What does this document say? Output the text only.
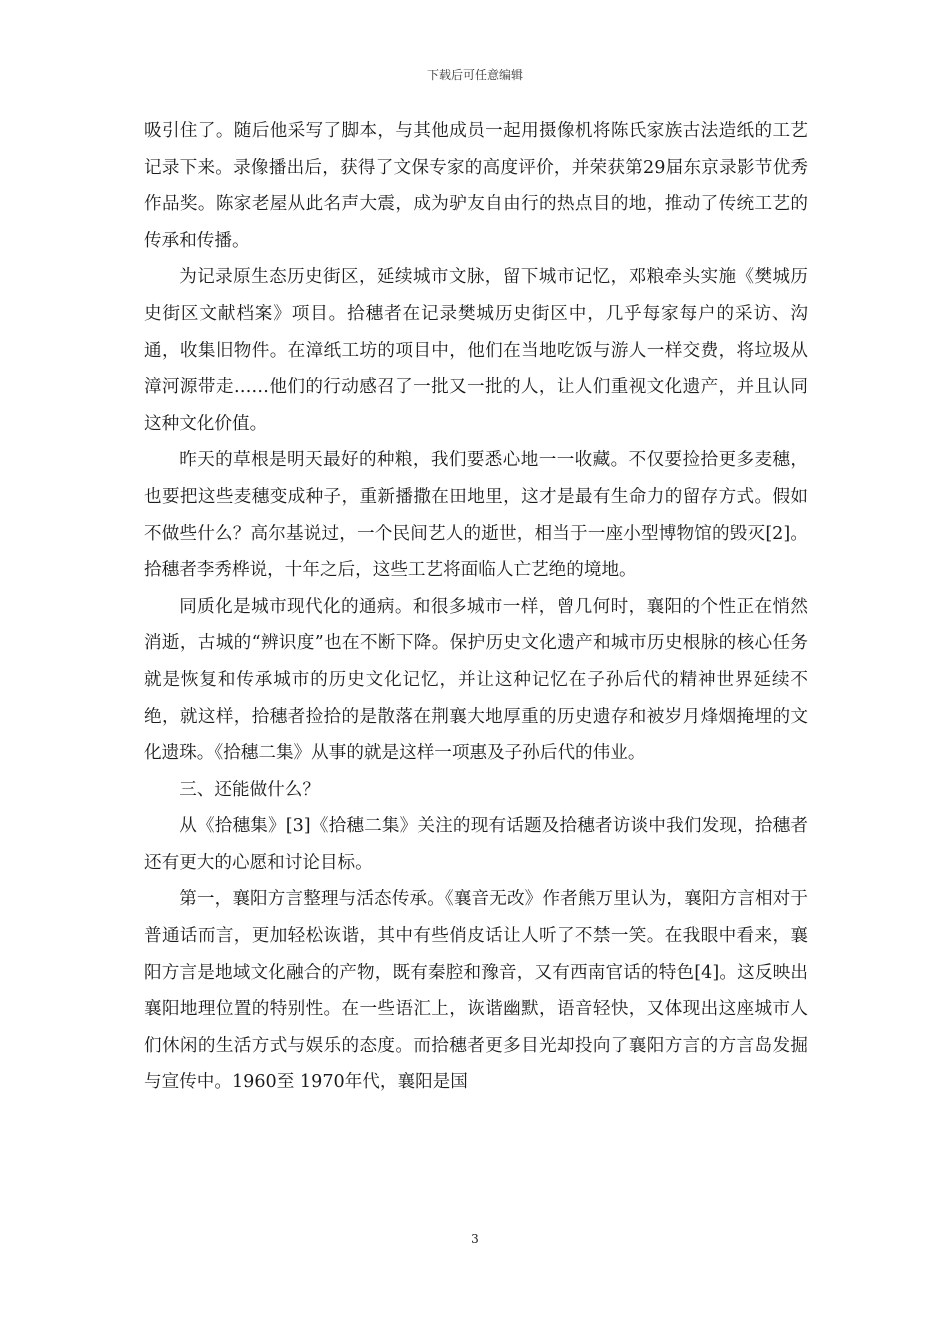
下载后可任意编辑

吸引住了。随后他采写了脚本，与其他成员一起用摄像机将陈氏家族古法造纸的工艺记录下来。录像播出后，获得了文保专家的高度评价，并荣获第29届东京录影节优秀作品奖。陈家老屋从此名声大震，成为驴友自由行的热点目的地，推动了传统工艺的传承和传播。

为记录原生态历史街区，延续城市文脉，留下城市记忆，邓粮牵头实施《樊城历史街区文献档案》项目。拾穗者在记录樊城历史街区中，几乎每家每户的采访、沟通，收集旧物件。在漳纸工坊的项目中，他们在当地吃饭与游人一样交费，将垃圾从漳河源带走……他们的行动感召了一批又一批的人，让人们重视文化遗产，并且认同这种文化价值。

昨天的草根是明天最好的种粮，我们要悉心地一一收藏。不仅要捡拾更多麦穗，也要把这些麦穗变成种子，重新播撒在田地里，这才是最有生命力的留存方式。假如不做些什么？高尔基说过，一个民间艺人的逝世，相当于一座小型博物馆的毁灭[2]。拾穗者李秀桦说，十年之后，这些工艺将面临人亡艺绝的境地。

同质化是城市现代化的通病。和很多城市一样，曾几何时，襄阳的个性正在悄然消逝，古城的“辨识度”也在不断下降。保护历史文化遗产和城市历史根脉的核心任务就是恢复和传承城市的历史文化记忆，并让这种记忆在子孙后代的精神世界延续不绝，就这样，拾穗者捡拾的是散落在荆襄大地厚重的历史遗存和被岁月烽烟掩埋的文化遗珠。《拾穗二集》从事的就是这样一项惠及子孙后代的伟业。

三、还能做什么？

从《拾穗集》[3]《拾穗二集》关注的现有话题及拾穗者访谈中我们发现，拾穗者还有更大的心愿和讨论目标。

第一，襄阳方言整理与活态传承。《襄音无改》作者熊万里认为，襄阳方言相对于普通话而言，更加轻松诙谐，其中有些俏皮话让人听了不禁一笑。在我眼中看来，襄阳方言是地域文化融合的产物，既有秦腔和豫音，又有西南官话的特色[4]。这反映出襄阳地理位置的特别性。在一些语汇上，诙谐幽默，语音轻快，又体现出这座城市人们休闲的生活方式与娱乐的态度。而拾穗者更多目光却投向了襄阳方言的方言岛发掘与宣传中。1960至 1970年代，襄阳是国

3
